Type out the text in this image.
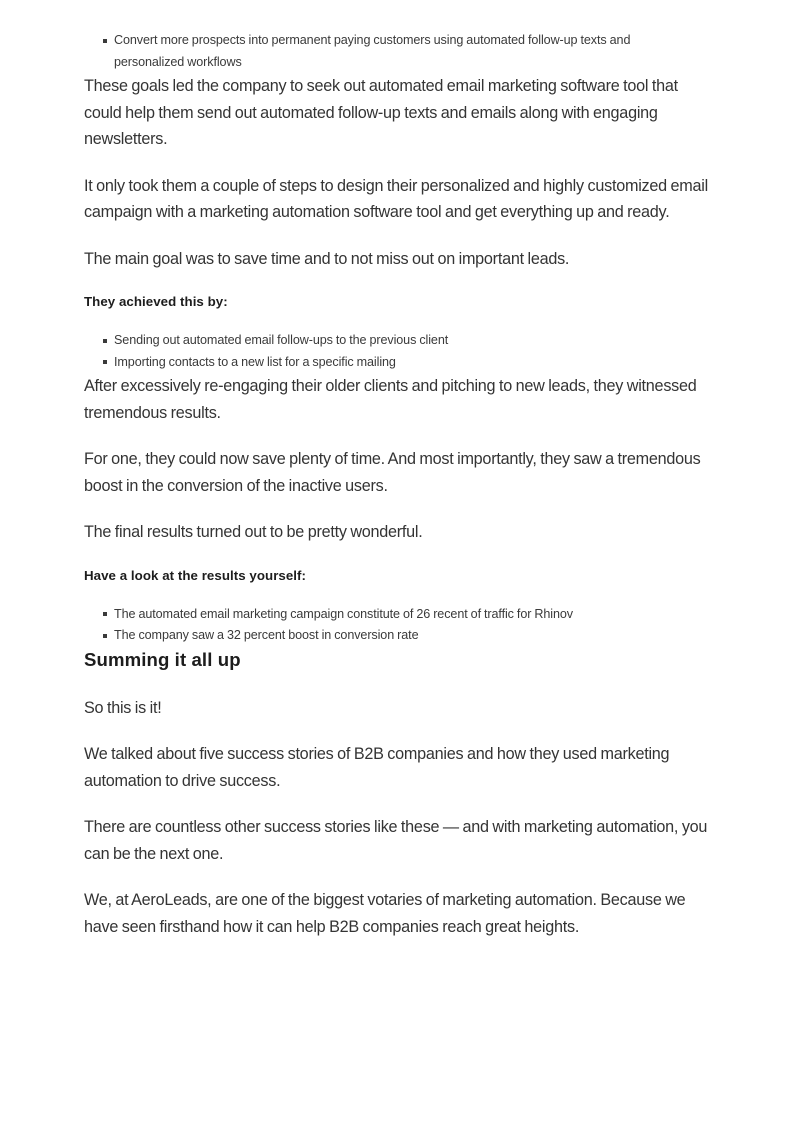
Convert more prospects into permanent paying customers using automated follow-up texts and personalized workflows

These goals led the company to seek out automated email marketing software tool that could help them send out automated follow-up texts and emails along with engaging newsletters.

It only took them a couple of steps to design their personalized and highly customized email campaign with a marketing automation software tool and get everything up and ready.

The main goal was to save time and to not miss out on important leads.

They achieved this by:

Sending out automated email follow-ups to the previous client
Importing contacts to a new list for a specific mailing

After excessively re-engaging their older clients and pitching to new leads, they witnessed tremendous results.

For one, they could now save plenty of time. And most importantly, they saw a tremendous boost in the conversion of the inactive users.

The final results turned out to be pretty wonderful.

Have a look at the results yourself:

The automated email marketing campaign constitute of 26 recent of traffic for Rhinov
The company saw a 32 percent boost in conversion rate
Summing it all up

So this is it!

We talked about five success stories of B2B companies and how they used marketing automation to drive success.

There are countless other success stories like these — and with marketing automation, you can be the next one.

We, at AeroLeads, are one of the biggest votaries of marketing automation. Because we have seen firsthand how it can help B2B companies reach great heights.
